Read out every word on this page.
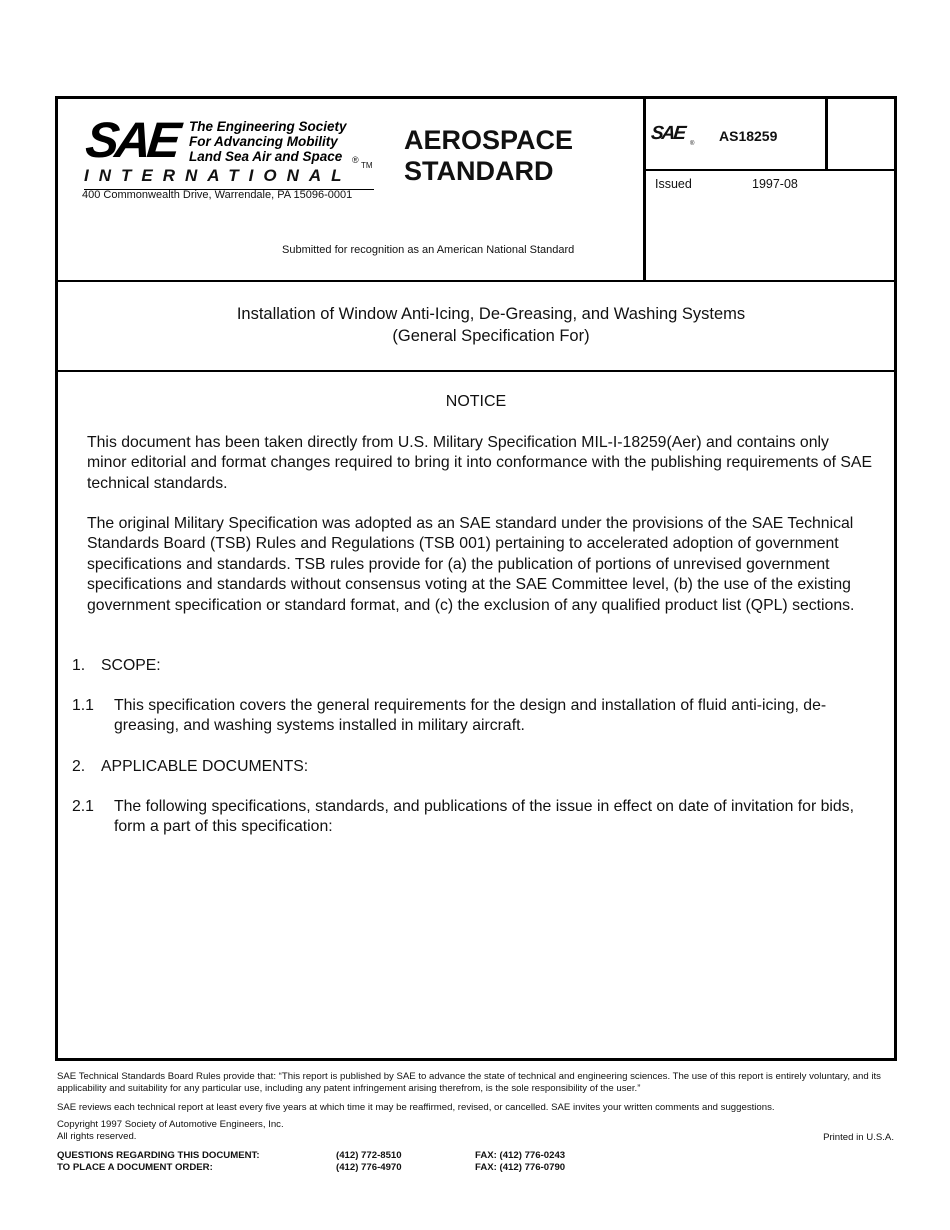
SAE The Engineering Society
For Advancing Mobility
Land Sea Air and Space	®
INTERNATIONAL
TM
400 Commonwealth Drive, Warrendale, PA 15096-0001
AEROSPACE
STANDARD
Submitted for recognition as an American National Standard
SAE ® AS18259
Issued	1997-08
Installation of Window Anti-Icing, De-Greasing, and Washing Systems
(General Specification For)
NOTICE
This document has been taken directly from U.S. Military Specification MIL-I-18259(Aer) and contains only minor editorial and format changes required to bring it into conformance with the publishing requirements of SAE technical standards.
The original Military Specification was adopted as an SAE standard under the provisions of the SAE Technical Standards Board (TSB) Rules and Regulations (TSB 001) pertaining to accelerated adoption of government specifications and standards. TSB rules provide for (a) the publication of portions of unrevised government specifications and standards without consensus voting at the SAE Committee level, (b) the use of the existing government specification or standard format, and (c) the exclusion of any qualified product list (QPL) sections.
1. SCOPE:
1.1 This specification covers the general requirements for the design and installation of fluid anti-icing, de-greasing, and washing systems installed in military aircraft.
2. APPLICABLE DOCUMENTS:
2.1 The following specifications, standards, and publications of the issue in effect on date of invitation for bids, form a part of this specification:
SAE Technical Standards Board Rules provide that: “This report is published by SAE to advance the state of technical and engineering sciences. The use of this report is entirely voluntary, and its applicability and suitability for any particular use, including any patent infringement arising therefrom, is the sole responsibility of the user.”
SAE reviews each technical report at least every five years at which time it may be reaffirmed, revised, or cancelled. SAE invites your written comments and suggestions.
Copyright 1997 Society of Automotive Engineers, Inc.
All rights reserved.	Printed in U.S.A.
QUESTIONS REGARDING THIS DOCUMENT:	(412) 772-8510	FAX: (412) 776-0243
TO PLACE A DOCUMENT ORDER:	(412) 776-4970	FAX: (412) 776-0790
